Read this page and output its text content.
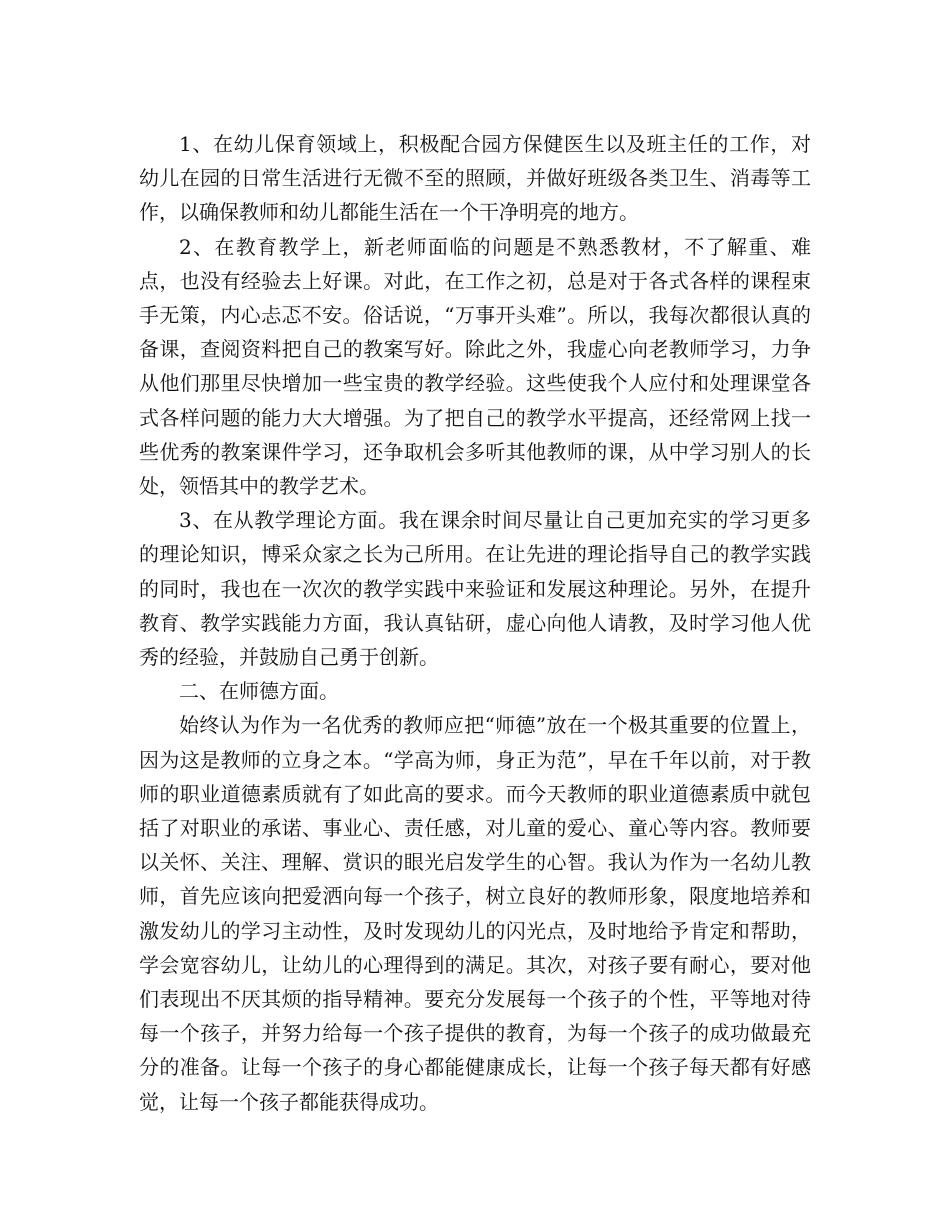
1、在幼儿保育领域上，积极配合园方保健医生以及班主任的工作，对幼儿在园的日常生活进行无微不至的照顾，并做好班级各类卫生、消毒等工作，以确保教师和幼儿都能生活在一个干净明亮的地方。

2、在教育教学上，新老师面临的问题是不熟悉教材，不了解重、难点，也没有经验去上好课。对此，在工作之初，总是对于各式各样的课程束手无策，内心忐忑不安。俗话说，“万事开头难”。所以，我每次都很认真的备课，查阅资料把自己的教案写好。除此之外，我虚心向老教师学习，力争从他们那里尽快增加一些宝贵的教学经验。这些使我个人应付和处理课堂各式各样问题的能力大大增强。为了把自己的教学水平提高，还经常网上找一些优秀的教案课件学习，还争取机会多听其他教师的课，从中学习别人的长处，领悟其中的教学艺术。

3、在从教学理论方面。我在课余时间尽量让自己更加充实的学习更多的理论知识，博采众家之长为己所用。在让先进的理论指导自己的教学实践的同时，我也在一次次的教学实践中来验证和发展这种理论。另外，在提升教育、教学实践能力方面，我认真钻研，虚心向他人请教，及时学习他人优秀的经验，并鼓励自己勇于创新。

二、在师德方面。

始终认为作为一名优秀的教师应把“师德”放在一个极其重要的位置上，因为这是教师的立身之本。“学高为师，身正为范”，早在千年以前，对于教师的职业道德素质就有了如此高的要求。而今天教师的职业道德素质中就包括了对职业的承诺、事业心、责任感，对儿童的爱心、童心等内容。教师要以关怀、关注、理解、赏识的眼光启发学生的心智。我认为作为一名幼儿教师，首先应该向把爱洒向每一个孩子，树立良好的教师形象，限度地培养和激发幼儿的学习主动性，及时发现幼儿的闪光点，及时地给予肯定和帮助，学会宽容幼儿，让幼儿的心理得到的满足。其次，对孩子要有耐心，要对他们表现出不厌其烦的指导精神。要充分发展每一个孩子的个性，平等地对待每一个孩子，并努力给每一个孩子提供的教育，为每一个孩子的成功做最充分的准备。让每一个孩子的身心都能健康成长，让每一个孩子每天都有好感觉，让每一个孩子都能获得成功。
